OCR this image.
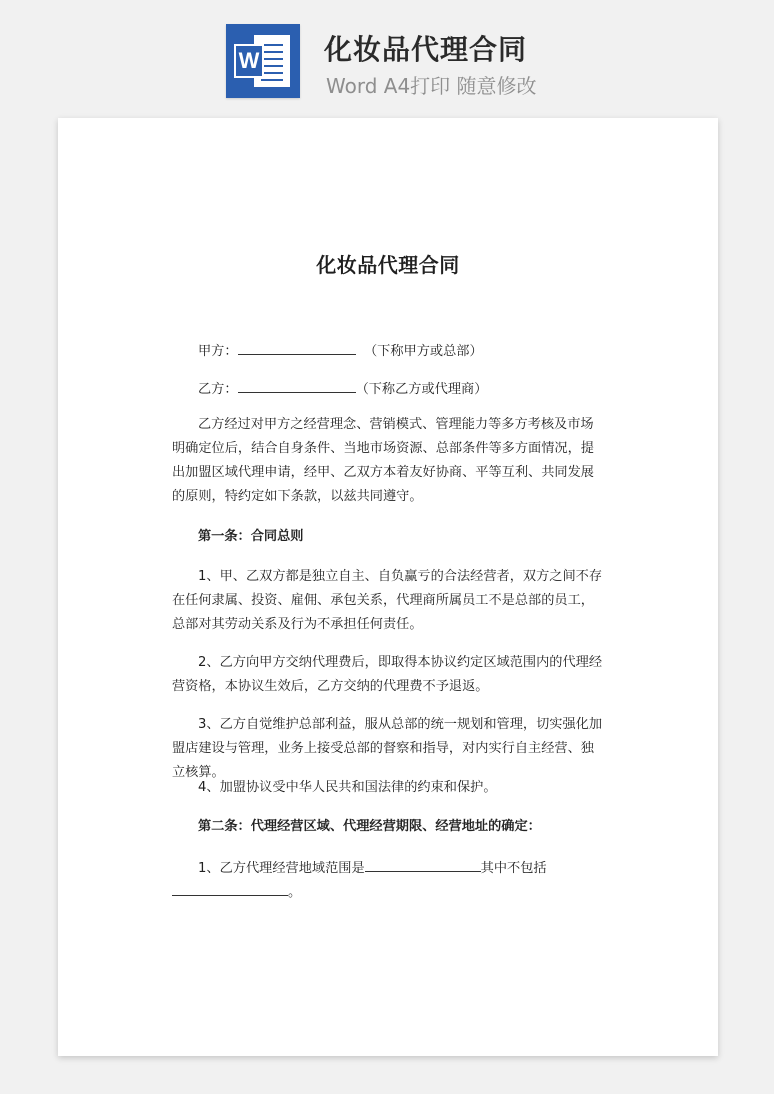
W 化妆品代理合同
Word A4打印 随意修改
化妆品代理合同
甲方：	（下称甲方或总部）
乙方：	（下称乙方或代理商）
乙方经过对甲方之经营理念、营销模式、管理能力等多方考核及市场明确定位后，结合自身条件、当地市场资源、总部条件等多方面情况，提出加盟区域代理申请，经甲、乙双方本着友好协商、平等互利、共同发展的原则，特约定如下条款，以兹共同遵守。
第一条：合同总则
1、甲、乙双方都是独立自主、自负赢亏的合法经营者，双方之间不存在任何隶属、投资、雇佣、承包关系，代理商所属员工不是总部的员工，总部对其劳动关系及行为不承担任何责任。
2、乙方向甲方交纳代理费后，即取得本协议约定区域范围内的代理经营资格，本协议生效后，乙方交纳的代理费不予退返。
3、乙方自觉维护总部利益，服从总部的统一规划和管理，切实强化加盟店建设与管理，业务上接受总部的督察和指导，对内实行自主经营、独立核算。
4、加盟协议受中华人民共和国法律的约束和保护。
第二条：代理经营区域、代理经营期限、经营地址的确定：
1、乙方代理经营地域范围是	其中不包括
。
